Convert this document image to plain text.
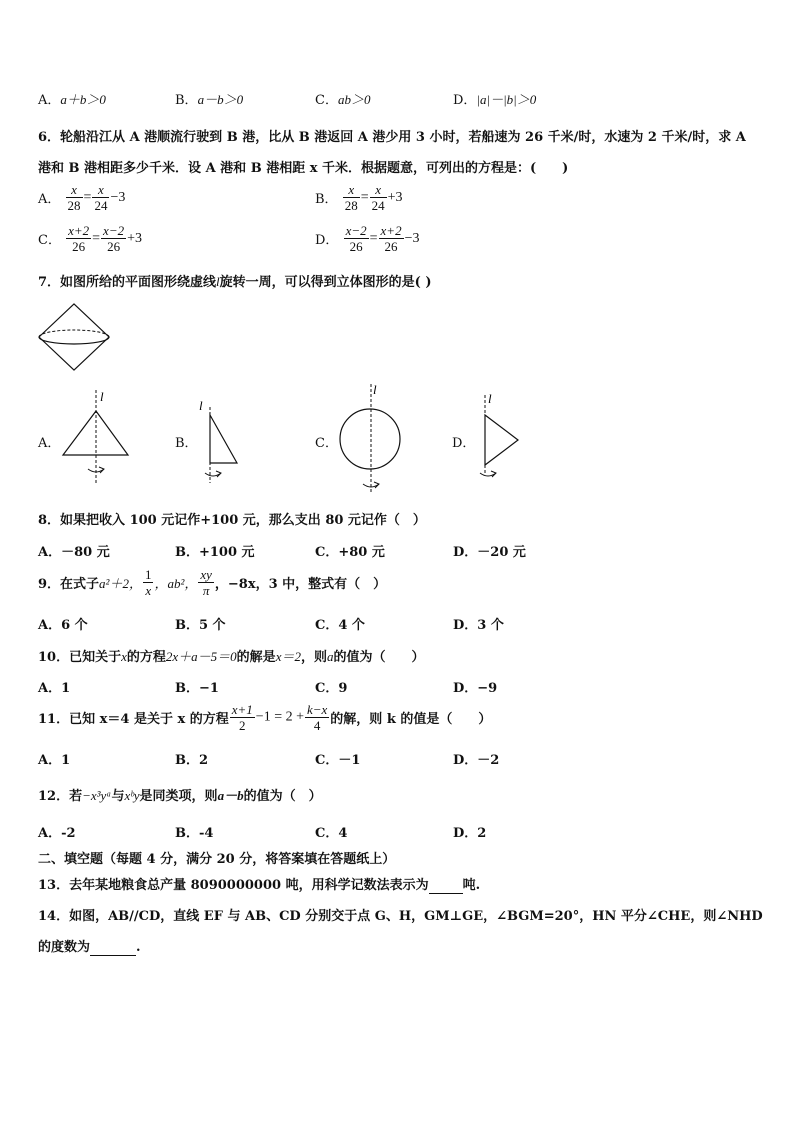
A．a＋b＞0	B．a－b＞0	C．ab＞0	D．|a|－|b|＞0
6．轮船沿江从 A 港顺流行驶到 B 港，比从 B 港返回 A 港少用 3 小时，若船速为 26 千米/时，水速为 2 千米/时，求 A
港和 B 港相距多少千米．设 A 港和 B 港相距 x 千米．根据题意，可列出的方程是：(　　)
A． $\frac{x}{28} = \frac{x}{24} -3$	B． $\frac{x}{28} = \frac{x}{24} +3$
C． $\frac{x+2}{26} = \frac{x-2}{26} +3$	D． $\frac{x-2}{26} = \frac{x+2}{26} -3$
7．如图所给的平面图形绕虚线l旋转一周，可以得到立体图形的是( )
A．	B．	C．	D．
l
l
l
l
8．如果把收入 100 元记作+100 元，那么支出 80 元记作（　）
A．－80 元	B．+100 元	C．+80 元	D．－20 元
9．在式子a²＋2， $\frac{1}{x}$ ，ab²， $\frac{xy}{\pi}$ ，−8x，3 中，整式有（　）
A．6 个	B．5 个	C．4 个	D．3 个
10．已知关于x的方程2x＋a－5＝0的解是x＝2，则a的值为（　　）
A．1	B．−1	C．9	D．−9
11．已知 x＝4 是关于 x 的方程 $\frac{x+1}{2} -1 = 2 + \frac{k-x}{4}$ 的解，则 k 的值是（　　）
A．1	B．2	C．－1	D．－2
12．若−x³yᵃ与xᵇy是同类项，则a－b的值为（　）
A．-2	B．-4	C．4	D．2
二、填空题（每题 4 分，满分 20 分，将答案填在答题纸上）
13．去年某地粮食总产量 8090000000 吨，用科学记数法表示为	吨.
14．如图，AB//CD，直线 EF 与 AB、CD 分别交于点 G、H，GM⊥GE，∠BGM=20°，HN 平分∠CHE，则∠NHD
的度数为	.
